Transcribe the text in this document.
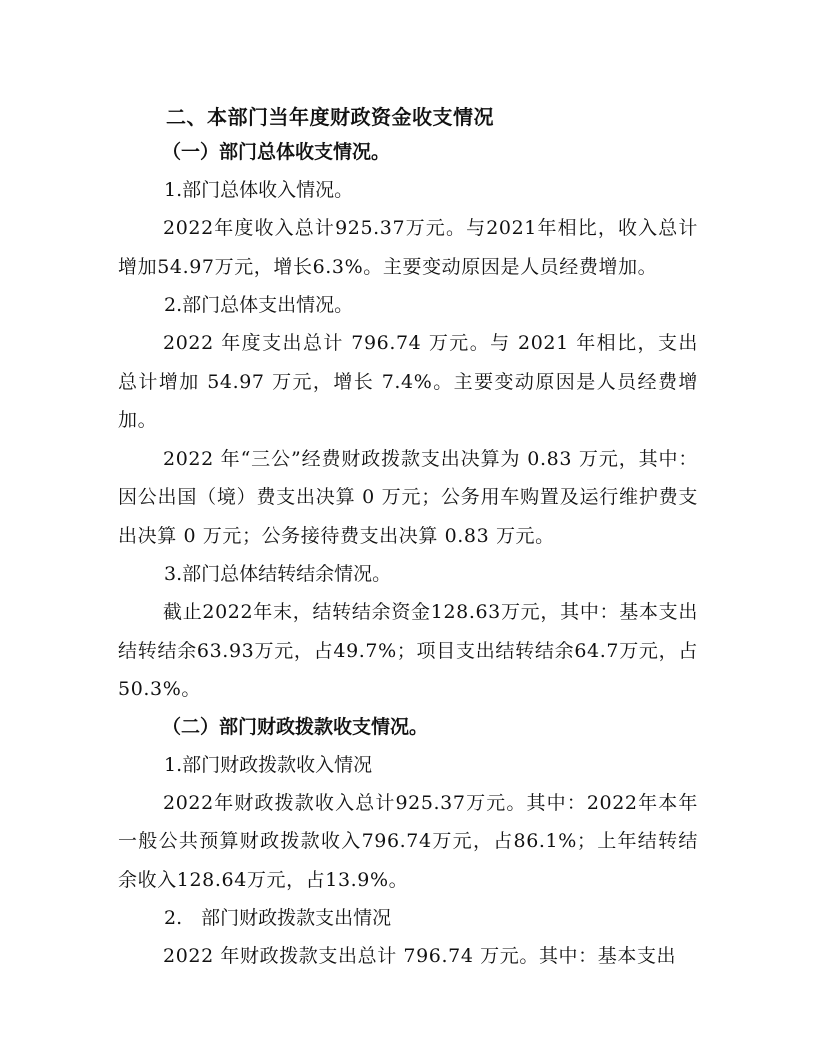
二、本部门当年度财政资金收支情况
（一）部门总体收支情况。

1.部门总体收入情况。

2022年度收入总计925.37万元。与2021年相比，收入总计增加54.97万元，增长6.3%。主要变动原因是人员经费增加。

2.部门总体支出情况。

2022 年度支出总计 796.74 万元。与 2021 年相比，支出总计增加 54.97 万元，增长 7.4%。主要变动原因是人员经费增加。

2022 年“三公”经费财政拨款支出决算为 0.83 万元，其中：因公出国（境）费支出决算 0 万元；公务用车购置及运行维护费支出决算 0 万元；公务接待费支出决算 0.83 万元。

3.部门总体结转结余情况。

截止2022年末，结转结余资金128.63万元，其中：基本支出结转结余63.93万元，占49.7%；项目支出结转结余64.7万元，占50.3%。

（二）部门财政拨款收支情况。

1.部门财政拨款收入情况

2022年财政拨款收入总计925.37万元。其中：2022年本年一般公共预算财政拨款收入796.74万元，占86.1%；上年结转结余收入128.64万元，占13.9%。

2.　部门财政拨款支出情况

2022 年财政拨款支出总计 796.74 万元。其中：基本支出
